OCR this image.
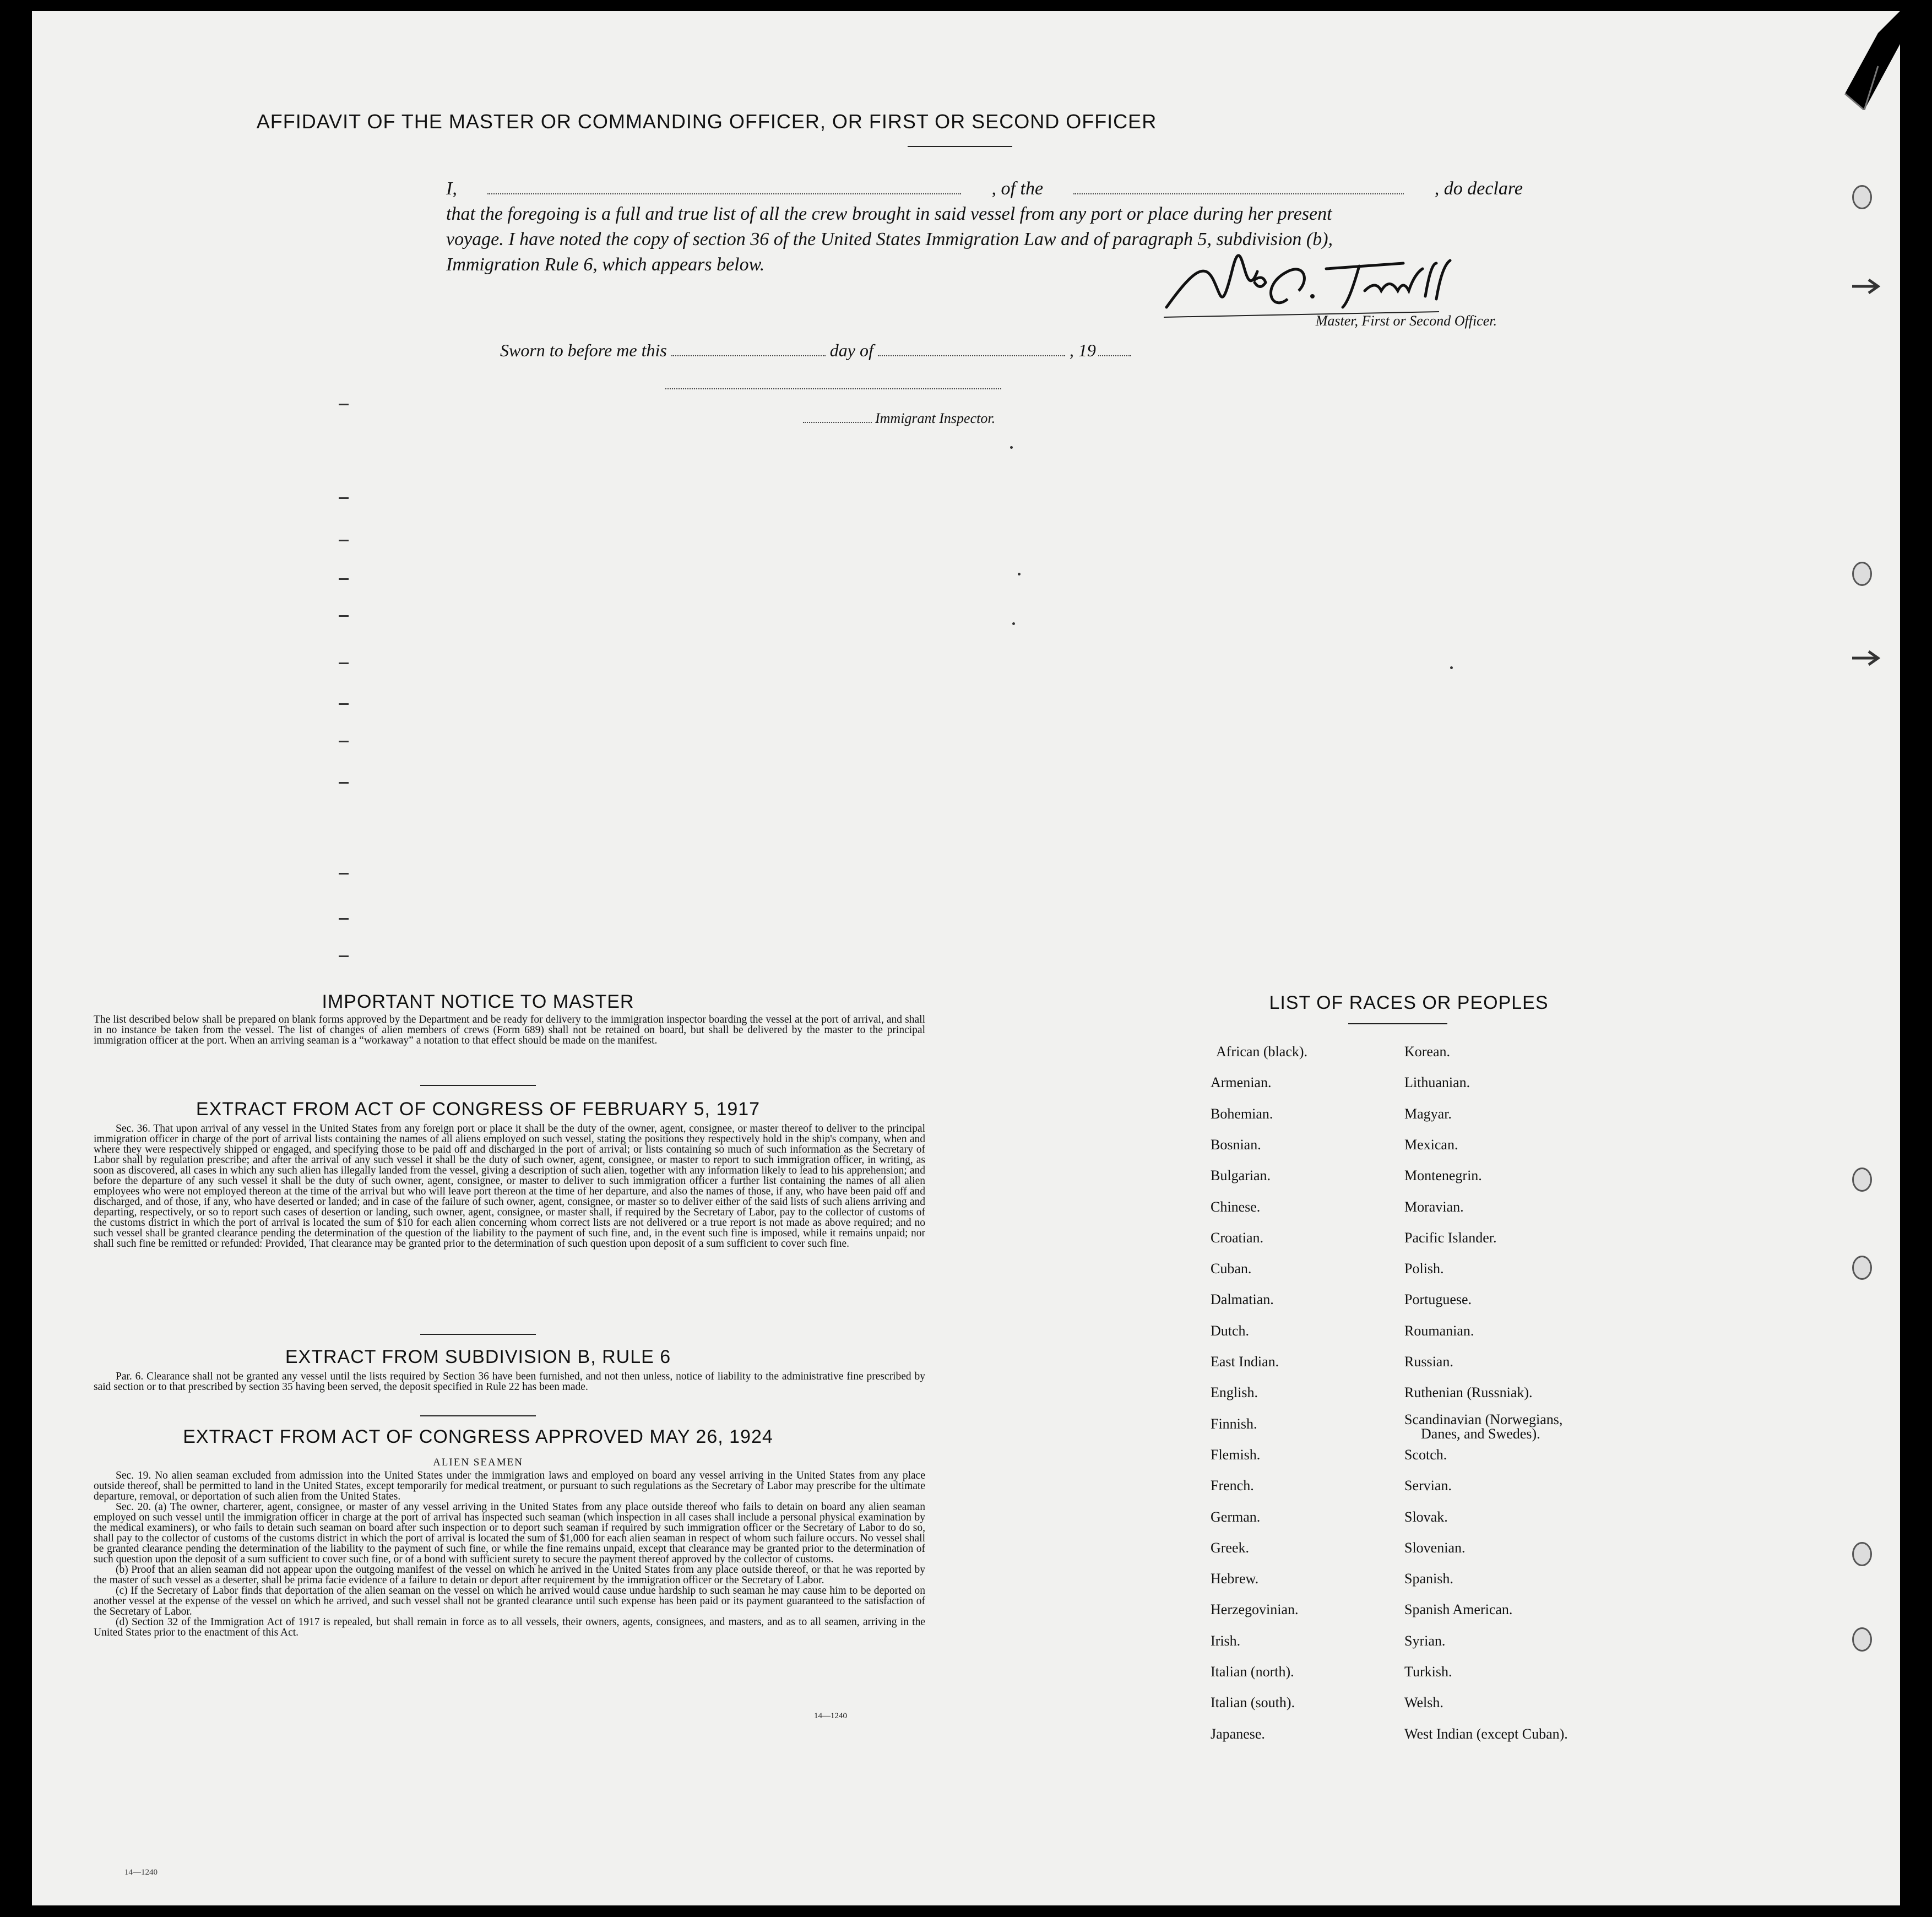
AFFIDAVIT OF THE MASTER OR COMMANDING OFFICER, OR FIRST OR SECOND OFFICER
I,	, of the	, do declare
that the foregoing is a full and true list of all the crew brought in said vessel from any port or place during her present
voyage. I have noted the copy of section 36 of the United States Immigration Law and of paragraph 5, subdivision (b),
Immigration Rule 6, which appears below.
Master, First or Second Officer.
Sworn to before me this	day of	, 19
Immigrant Inspector.
IMPORTANT NOTICE TO MASTER
The list described below shall be prepared on blank forms approved by the Department and be ready for delivery to the immigration inspector boarding the vessel at the port of arrival, and shall in no instance be taken from the vessel. The list of changes of alien members of crews (Form 689) shall not be retained on board, but shall be delivered by the master to the principal immigration officer at the port. When an arriving seaman is a “workaway” a notation to that effect should be made on the manifest.
EXTRACT FROM ACT OF CONGRESS OF FEBRUARY 5, 1917
Sec. 36. That upon arrival of any vessel in the United States from any foreign port or place it shall be the duty of the owner, agent, consignee, or master thereof to deliver to the principal immigration officer in charge of the port of arrival lists containing the names of all aliens employed on such vessel, stating the positions they respectively hold in the ship's company, when and where they were respectively shipped or engaged, and specifying those to be paid off and discharged in the port of arrival; or lists containing so much of such information as the Secretary of Labor shall by regulation prescribe; and after the arrival of any such vessel it shall be the duty of such owner, agent, consignee, or master to report to such immigration officer, in writing, as soon as discovered, all cases in which any such alien has illegally landed from the vessel, giving a description of such alien, together with any information likely to lead to his apprehension; and before the departure of any such vessel it shall be the duty of such owner, agent, consignee, or master to deliver to such immigration officer a further list containing the names of all alien employees who were not employed thereon at the time of the arrival but who will leave port thereon at the time of her departure, and also the names of those, if any, who have been paid off and discharged, and of those, if any, who have deserted or landed; and in case of the failure of such owner, agent, consignee, or master so to deliver either of the said lists of such aliens arriving and departing, respectively, or so to report such cases of desertion or landing, such owner, agent, consignee, or master shall, if required by the Secretary of Labor, pay to the collector of customs of the customs district in which the port of arrival is located the sum of $10 for each alien concerning whom correct lists are not delivered or a true report is not made as above required; and no such vessel shall be granted clearance pending the determination of the question of the liability to the payment of such fine, and, in the event such fine is imposed, while it remains unpaid; nor shall such fine be remitted or refunded: Provided, That clearance may be granted prior to the determination of such question upon deposit of a sum sufficient to cover such fine.
EXTRACT FROM SUBDIVISION B, RULE 6
Par. 6. Clearance shall not be granted any vessel until the lists required by Section 36 have been furnished, and not then unless, notice of liability to the administrative fine prescribed by said section or to that prescribed by section 35 having been served, the deposit specified in Rule 22 has been made.
EXTRACT FROM ACT OF CONGRESS APPROVED MAY 26, 1924
ALIEN SEAMEN

Sec. 19. No alien seaman excluded from admission into the United States under the immigration laws and employed on board any vessel arriving in the United States from any place outside thereof, shall be permitted to land in the United States, except temporarily for medical treatment, or pursuant to such regulations as the Secretary of Labor may prescribe for the ultimate departure, removal, or deportation of such alien from the United States.

Sec. 20. (a) The owner, charterer, agent, consignee, or master of any vessel arriving in the United States from any place outside thereof who fails to detain on board any alien seaman employed on such vessel until the immigration officer in charge at the port of arrival has inspected such seaman (which inspection in all cases shall include a personal physical examination by the medical examiners), or who fails to detain such seaman on board after such inspection or to deport such seaman if required by such immigration officer or the Secretary of Labor to do so, shall pay to the collector of customs of the customs district in which the port of arrival is located the sum of $1,000 for each alien seaman in respect of whom such failure occurs. No vessel shall be granted clearance pending the determination of the liability to the payment of such fine, or while the fine remains unpaid, except that clearance may be granted prior to the determination of such question upon the deposit of a sum sufficient to cover such fine, or of a bond with sufficient surety to secure the payment thereof approved by the collector of customs.

(b) Proof that an alien seaman did not appear upon the outgoing manifest of the vessel on which he arrived in the United States from any place outside thereof, or that he was reported by the master of such vessel as a deserter, shall be prima facie evidence of a failure to detain or deport after requirement by the immigration officer or the Secretary of Labor.

(c) If the Secretary of Labor finds that deportation of the alien seaman on the vessel on which he arrived would cause undue hardship to such seaman he may cause him to be deported on another vessel at the expense of the vessel on which he arrived, and such vessel shall not be granted clearance until such expense has been paid or its payment guaranteed to the satisfaction of the Secretary of Labor.

(d) Section 32 of the Immigration Act of 1917 is repealed, but shall remain in force as to all vessels, their owners, agents, consignees, and masters, and as to all seamen, arriving in the United States prior to the enactment of this Act.

14—1240
LIST OF RACES OR PEOPLES
African (black).
Armenian.
Bohemian.
Bosnian.
Bulgarian.
Chinese.
Croatian.
Cuban.
Dalmatian.
Dutch.
East Indian.
English.
Finnish.
Flemish.
French.
German.
Greek.
Hebrew.
Herzegovinian.
Irish.
Italian (north).
Italian (south).
Japanese.
Korean.
Lithuanian.
Magyar.
Mexican.
Montenegrin.
Moravian.
Pacific Islander.
Polish.
Portuguese.
Roumanian.
Russian.
Ruthenian (Russniak).
Scandinavian (Norwegians,
Danes, and Swedes).
Scotch.
Servian.
Slovak.
Slovenian.
Spanish.
Spanish American.
Syrian.
Turkish.
Welsh.
West Indian (except Cuban).
14—1240
